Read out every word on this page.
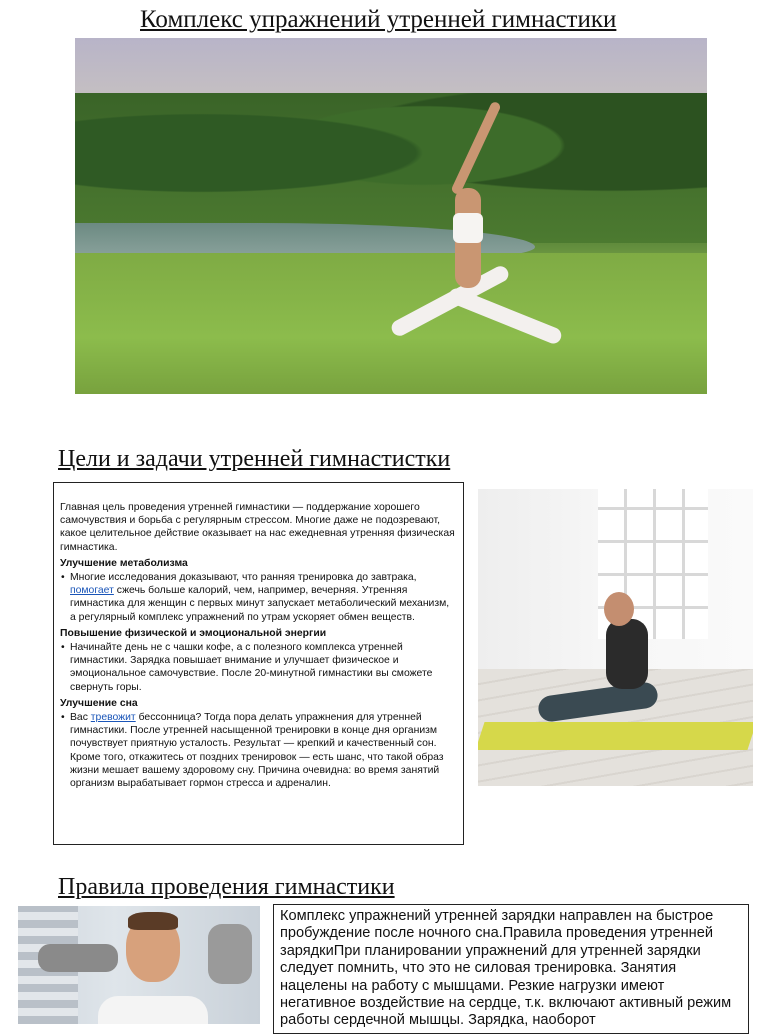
Комплекс упражнений утренней гимнастики
Цели и задачи утренней гимнастистки

Главная цель проведения утренней гимнастики — поддержание хорошего самочувствия и борьба с регулярным стрессом. Многие даже не подозревают, какое целительное действие оказывает на нас ежедневная утренняя физическая гимнастика.

Улучшение метаболизма

• Многие исследования доказывают, что ранняя тренировка до завтрака, помогает сжечь больше калорий, чем, например, вечерняя. Утренняя гимнастика для женщин с первых минут запускает метаболический механизм, а регулярный комплекс упражнений по утрам ускоряет обмен веществ.

Повышение физической и эмоциональной энергии

• Начинайте день не с чашки кофе, а с полезного комплекса утренней гимнастики. Зарядка повышает внимание и улучшает физическое и эмоциональное самочувствие. После 20-минутной гимнастики вы сможете свернуть горы.

Улучшение сна

• Вас тревожит бессонница? Тогда пора делать упражнения для утренней гимнастики. После утренней насыщенной тренировки в конце дня организм почувствует приятную усталость. Результат — крепкий и качественный сон. Кроме того, откажитесь от поздних тренировок — есть шанс, что такой образ жизни мешает вашему здоровому сну. Причина очевидна: во время занятий организм вырабатывает гормон стресса и адреналин.

Правила проведения гимнастики

Комплекс упражнений утренней зарядки направлен на быстрое пробуждение после ночного сна.Правила проведения утренней зарядкиПри планировании упражнений для утренней зарядки следует помнить, что это не силовая тренировка. Занятия нацелены на работу с мышцами. Резкие нагрузки имеют негативное воздействие на сердце, т.к. включают активный режим работы сердечной мышцы. Зарядка, наоборот
